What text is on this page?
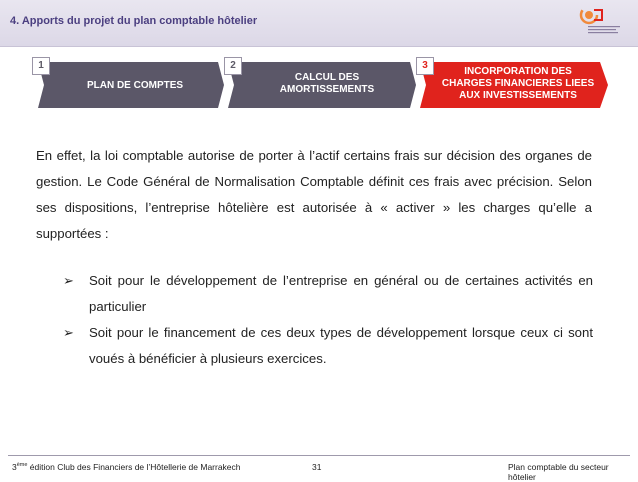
4. Apports du projet du plan comptable hôtelier
1
PLAN DE COMPTES
2
CALCUL DES
AMORTISSEMENTS
3
INCORPORATION DES
CHARGES FINANCIERES LIEES
AUX INVESTISSEMENTS
En effet, la loi comptable autorise de porter à l’actif certains frais sur décision des organes de gestion. Le Code Général de Normalisation Comptable définit ces frais avec précision. Selon ses dispositions, l’entreprise hôtelière est autorisée à « activer » les charges qu’elle a supportées :
➢ Soit pour le développement de l’entreprise en général ou de certaines activités en particulier
➢ Soit pour le financement de ces deux types de développement lorsque ceux ci sont voués à bénéficier à plusieurs exercices.
3ème édition Club des Financiers de l’Hôtellerie de Marrakech	31	Plan comptable du secteur hôtelier
